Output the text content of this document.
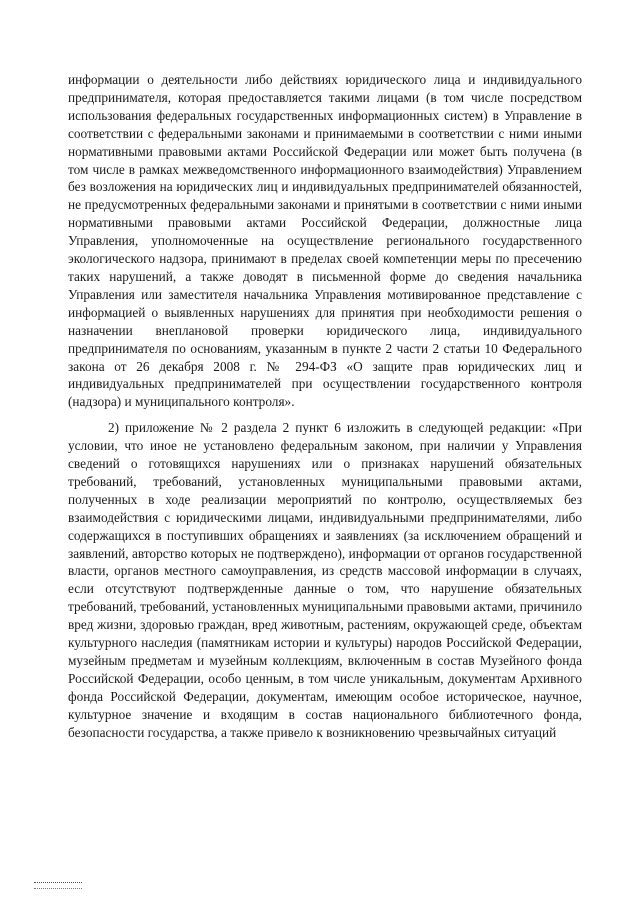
информации о деятельности либо действиях юридического лица и индивидуального предпринимателя, которая предоставляется такими лицами (в том числе посредством использования федеральных государственных информационных систем) в Управление в соответствии с федеральными законами и принимаемыми в соответствии с ними иными нормативными правовыми актами Российской Федерации или может быть получена (в том числе в рамках межведомственного информационного взаимодействия) Управлением без возложения на юридических лиц и индивидуальных предпринимателей обязанностей, не предусмотренных федеральными законами и принятыми в соответствии с ними иными нормативными правовыми актами Российской Федерации, должностные лица Управления, уполномоченные на осуществление регионального государственного экологического надзора, принимают в пределах своей компетенции меры по пресечению таких нарушений, а также доводят в письменной форме до сведения начальника Управления или заместителя начальника Управления мотивированное представление с информацией о выявленных нарушениях для принятия при необходимости решения о назначении внеплановой проверки юридического лица, индивидуального предпринимателя по основаниям, указанным в пункте 2 части 2 статьи 10 Федерального закона от 26 декабря 2008 г. № 294-ФЗ «О защите прав юридических лиц и индивидуальных предпринимателей при осуществлении государственного контроля (надзора) и муниципального контроля».

2) приложение № 2 раздела 2 пункт 6 изложить в следующей редакции: «При условии, что иное не установлено федеральным законом, при наличии у Управления сведений о готовящихся нарушениях или о признаках нарушений обязательных требований, требований, установленных муниципальными правовыми актами, полученных в ходе реализации мероприятий по контролю, осуществляемых без взаимодействия с юридическими лицами, индивидуальными предпринимателями, либо содержащихся в поступивших обращениях и заявлениях (за исключением обращений и заявлений, авторство которых не подтверждено), информации от органов государственной власти, органов местного самоуправления, из средств массовой информации в случаях, если отсутствуют подтвержденные данные о том, что нарушение обязательных требований, требований, установленных муниципальными правовыми актами, причинило вред жизни, здоровью граждан, вред животным, растениям, окружающей среде, объектам культурного наследия (памятникам истории и культуры) народов Российской Федерации, музейным предметам и музейным коллекциям, включенным в состав Музейного фонда Российской Федерации, особо ценным, в том числе уникальным, документам Архивного фонда Российской Федерации, документам, имеющим особое историческое, научное, культурное значение и входящим в состав национального библиотечного фонда, безопасности государства, а также привело к возникновению чрезвычайных ситуаций
